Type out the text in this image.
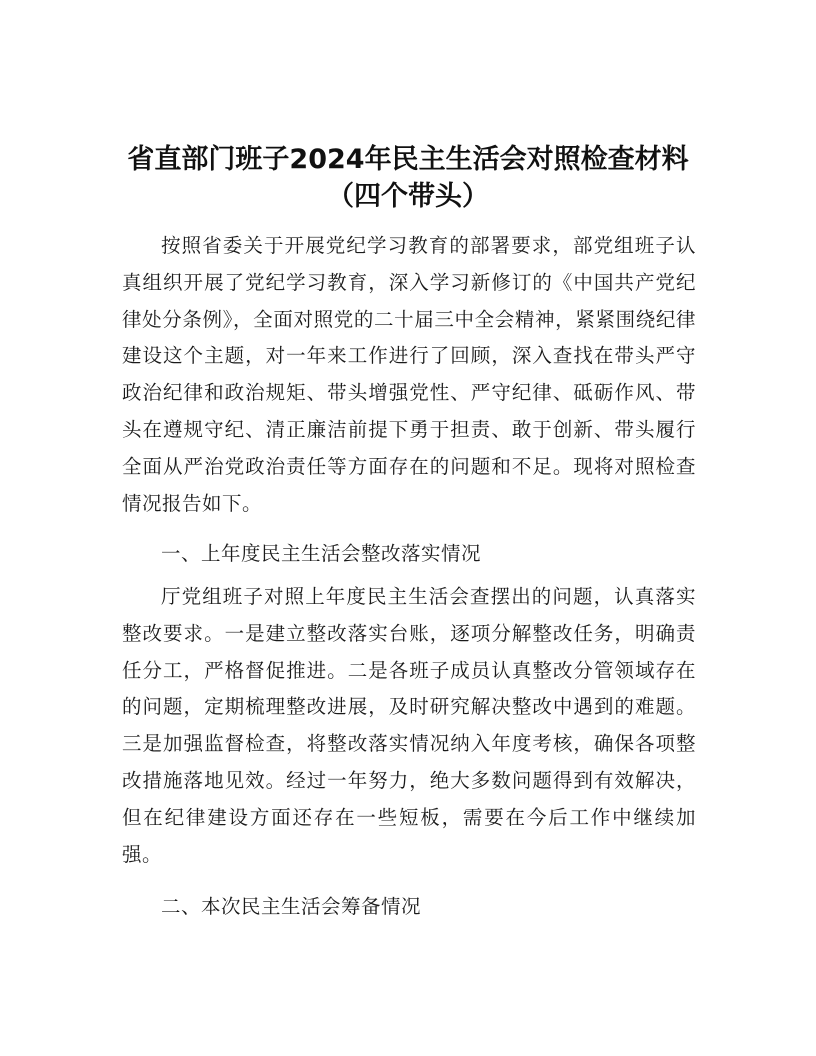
省直部门班子2024年民主生活会对照检查材料
（四个带头）

按照省委关于开展党纪学习教育的部署要求，部党组班子认真组织开展了党纪学习教育，深入学习新修订的《中国共产党纪律处分条例》，全面对照党的二十届三中全会精神，紧紧围绕纪律建设这个主题，对一年来工作进行了回顾，深入查找在带头严守政治纪律和政治规矩、带头增强党性、严守纪律、砥砺作风、带头在遵规守纪、清正廉洁前提下勇于担责、敢于创新、带头履行全面从严治党政治责任等方面存在的问题和不足。现将对照检查情况报告如下。

一、上年度民主生活会整改落实情况

厅党组班子对照上年度民主生活会查摆出的问题，认真落实整改要求。一是建立整改落实台账，逐项分解整改任务，明确责任分工，严格督促推进。二是各班子成员认真整改分管领域存在的问题，定期梳理整改进展，及时研究解决整改中遇到的难题。三是加强监督检查，将整改落实情况纳入年度考核，确保各项整改措施落地见效。经过一年努力，绝大多数问题得到有效解决，但在纪律建设方面还存在一些短板，需要在今后工作中继续加强。

二、本次民主生活会筹备情况
